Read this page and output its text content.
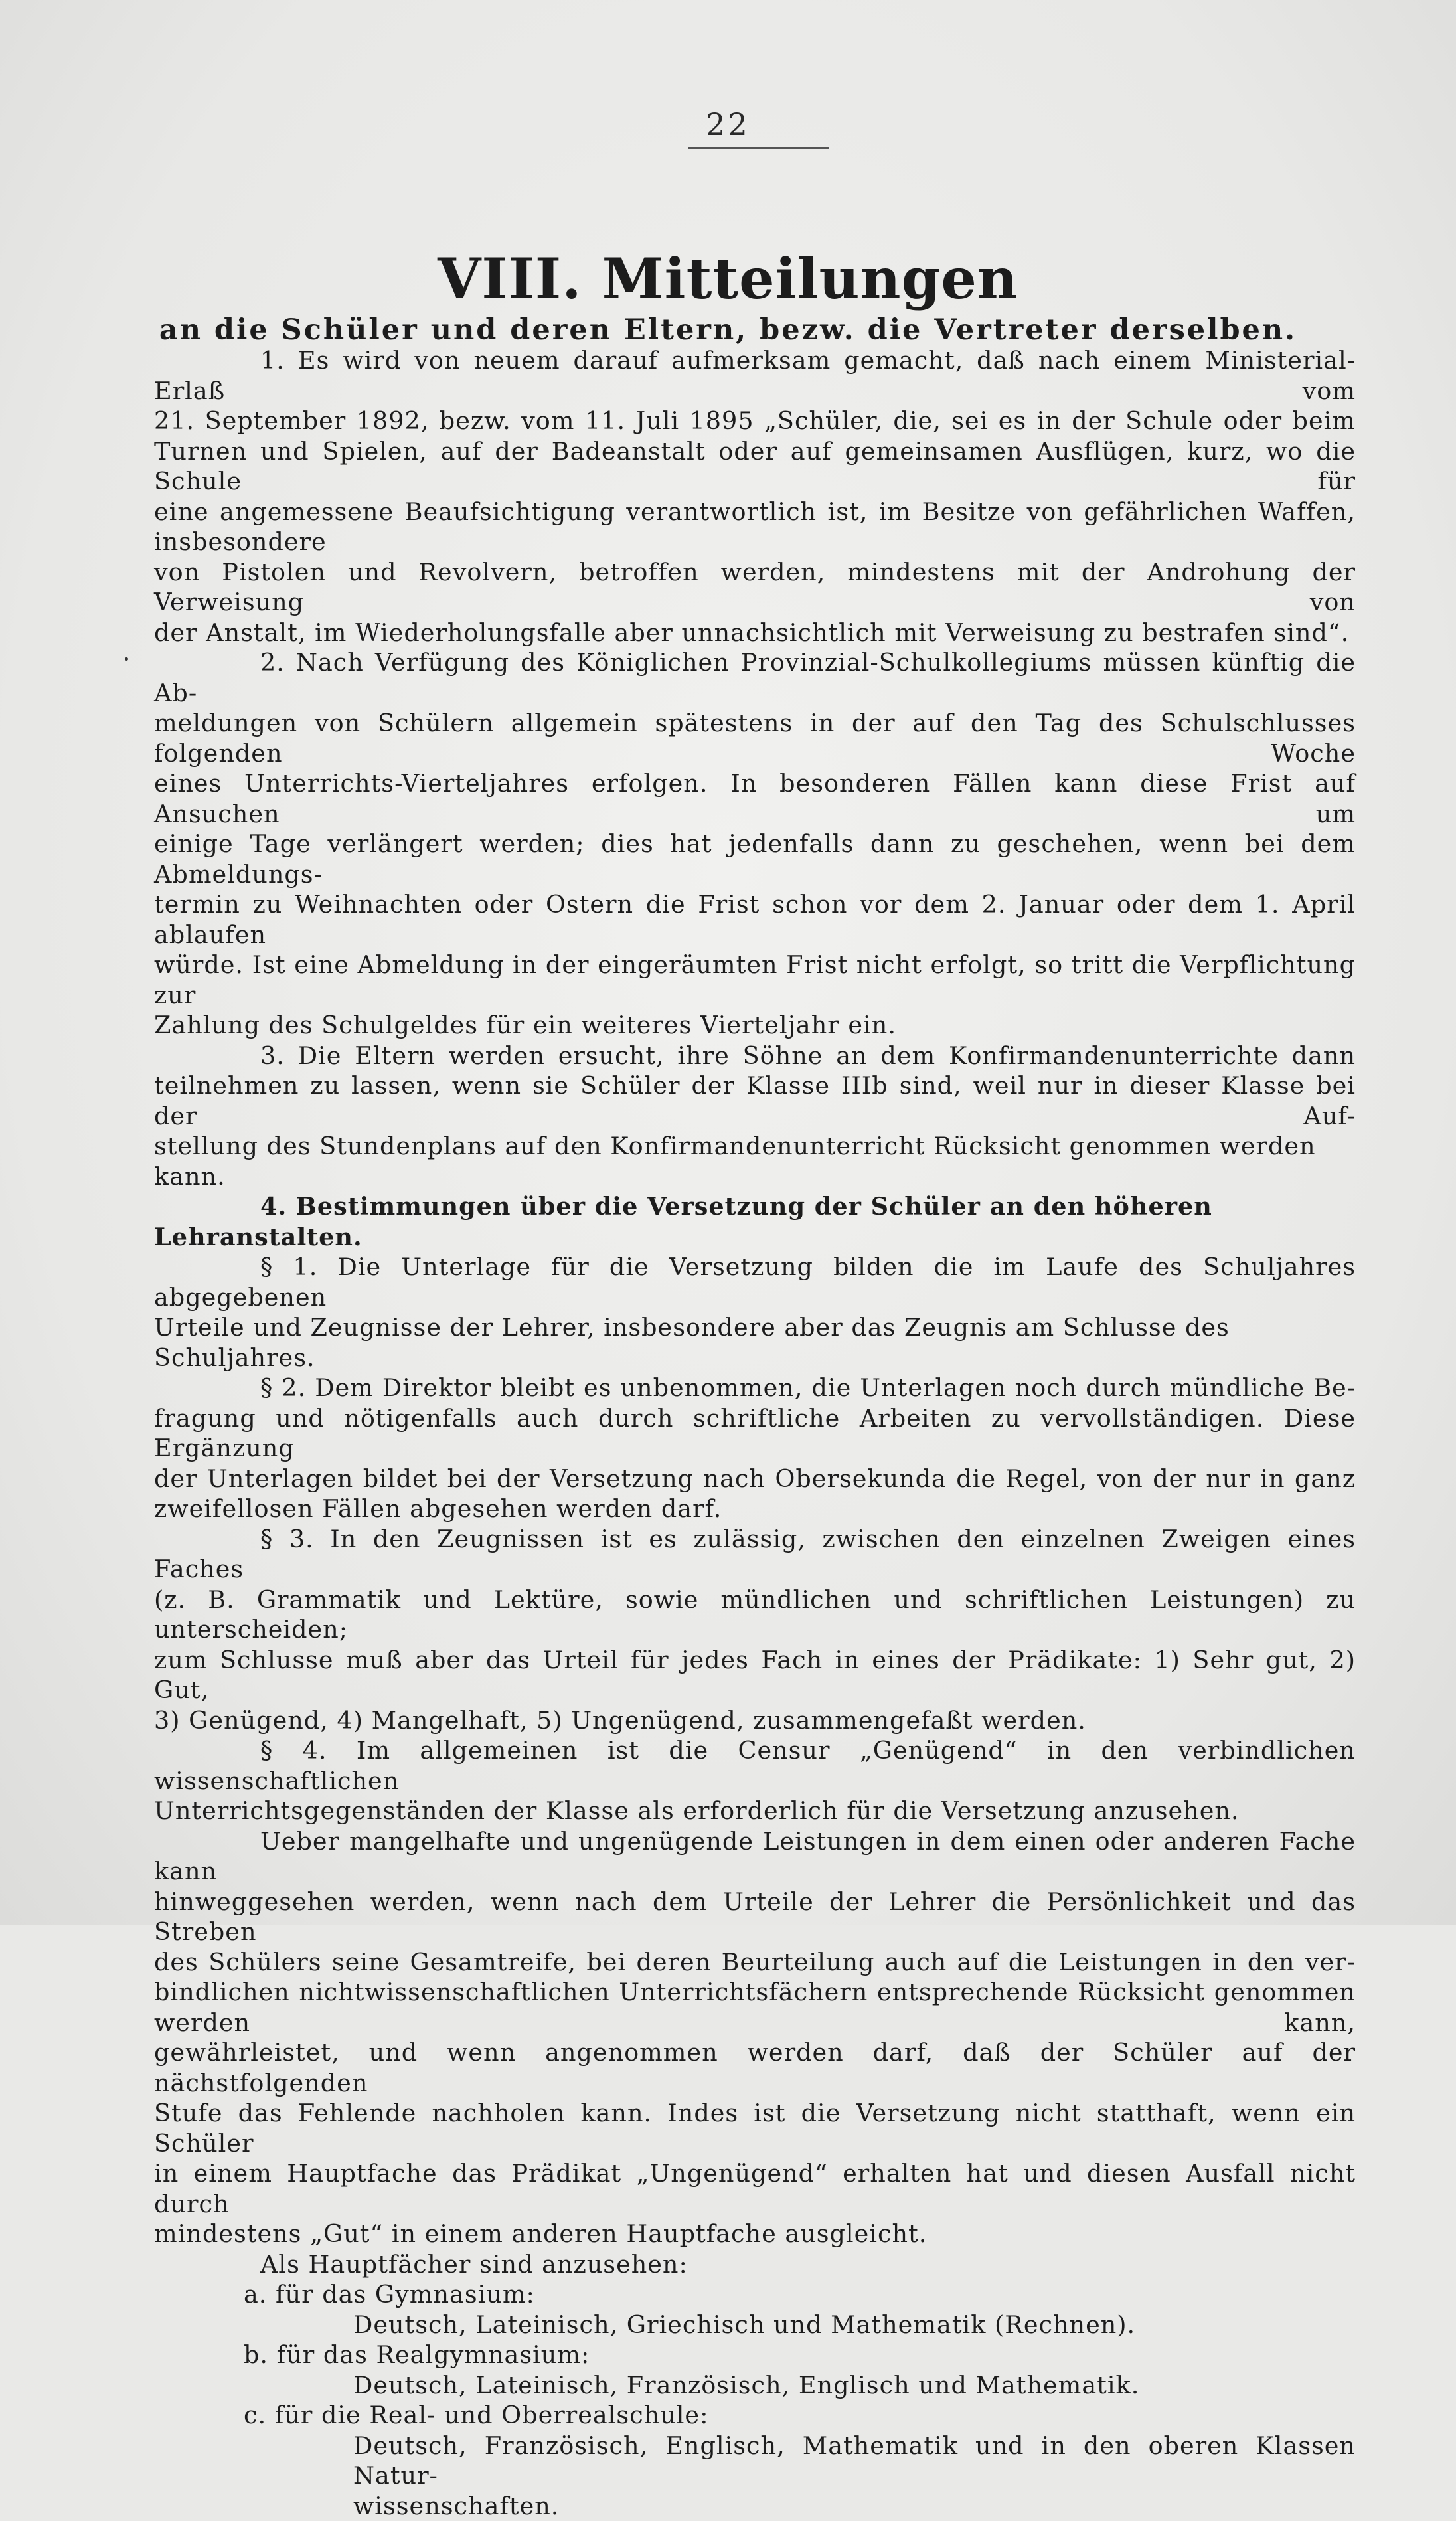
22
VIII. Mitteilungen
an die Schüler und deren Eltern, bezw. die Vertreter derselben.

1. Es wird von neuem darauf aufmerksam gemacht, daß nach einem Ministerial-Erlaß vom
21. September 1892, bezw. vom 11. Juli 1895 „Schüler, die, sei es in der Schule oder beim
Turnen und Spielen, auf der Badeanstalt oder auf gemeinsamen Ausflügen, kurz, wo die Schule für
eine angemessene Beaufsichtigung verantwortlich ist, im Besitze von gefährlichen Waffen, insbesondere
von Pistolen und Revolvern, betroffen werden, mindestens mit der Androhung der Verweisung von
der Anstalt, im Wiederholungsfalle aber unnachsichtlich mit Verweisung zu bestrafen sind“.

2. Nach Verfügung des Königlichen Provinzial-Schulkollegiums müssen künftig die Ab-
meldungen von Schülern allgemein spätestens in der auf den Tag des Schulschlusses folgenden Woche
eines Unterrichts-Vierteljahres erfolgen. In besonderen Fällen kann diese Frist auf Ansuchen um
einige Tage verlängert werden; dies hat jedenfalls dann zu geschehen, wenn bei dem Abmeldungs-
termin zu Weihnachten oder Ostern die Frist schon vor dem 2. Januar oder dem 1. April ablaufen
würde. Ist eine Abmeldung in der eingeräumten Frist nicht erfolgt, so tritt die Verpflichtung zur
Zahlung des Schulgeldes für ein weiteres Vierteljahr ein.

3. Die Eltern werden ersucht, ihre Söhne an dem Konfirmandenunterrichte dann
teilnehmen zu lassen, wenn sie Schüler der Klasse IIIb sind, weil nur in dieser Klasse bei der Auf-
stellung des Stundenplans auf den Konfirmandenunterricht Rücksicht genommen werden kann.

4. Bestimmungen über die Versetzung der Schüler an den höheren Lehranstalten.

§ 1. Die Unterlage für die Versetzung bilden die im Laufe des Schuljahres abgegebenen
Urteile und Zeugnisse der Lehrer, insbesondere aber das Zeugnis am Schlusse des Schuljahres.

§ 2. Dem Direktor bleibt es unbenommen, die Unterlagen noch durch mündliche Be-
fragung und nötigenfalls auch durch schriftliche Arbeiten zu vervollständigen. Diese Ergänzung
der Unterlagen bildet bei der Versetzung nach Obersekunda die Regel, von der nur in ganz
zweifellosen Fällen abgesehen werden darf.

§ 3. In den Zeugnissen ist es zulässig, zwischen den einzelnen Zweigen eines Faches
(z. B. Grammatik und Lektüre, sowie mündlichen und schriftlichen Leistungen) zu unterscheiden;
zum Schlusse muß aber das Urteil für jedes Fach in eines der Prädikate: 1) Sehr gut, 2) Gut,
3) Genügend, 4) Mangelhaft, 5) Ungenügend, zusammengefaßt werden.

§ 4. Im allgemeinen ist die Censur „Genügend“ in den verbindlichen wissenschaftlichen
Unterrichtsgegenständen der Klasse als erforderlich für die Versetzung anzusehen.

Ueber mangelhafte und ungenügende Leistungen in dem einen oder anderen Fache kann
hinweggesehen werden, wenn nach dem Urteile der Lehrer die Persönlichkeit und das Streben
des Schülers seine Gesamtreife, bei deren Beurteilung auch auf die Leistungen in den ver-
bindlichen nichtwissenschaftlichen Unterrichtsfächern entsprechende Rücksicht genommen werden kann,
gewährleistet, und wenn angenommen werden darf, daß der Schüler auf der nächstfolgenden
Stufe das Fehlende nachholen kann. Indes ist die Versetzung nicht statthaft, wenn ein Schüler
in einem Hauptfache das Prädikat „Ungenügend“ erhalten hat und diesen Ausfall nicht durch
mindestens „Gut“ in einem anderen Hauptfache ausgleicht.

Als Hauptfächer sind anzusehen:

a. für das Gymnasium:

Deutsch, Lateinisch, Griechisch und Mathematik (Rechnen).

b. für das Realgymnasium:

Deutsch, Lateinisch, Französisch, Englisch und Mathematik.

c. für die Real- und Oberrealschule:

Deutsch, Französisch, Englisch, Mathematik und in den oberen Klassen Natur-
wissenschaften.
